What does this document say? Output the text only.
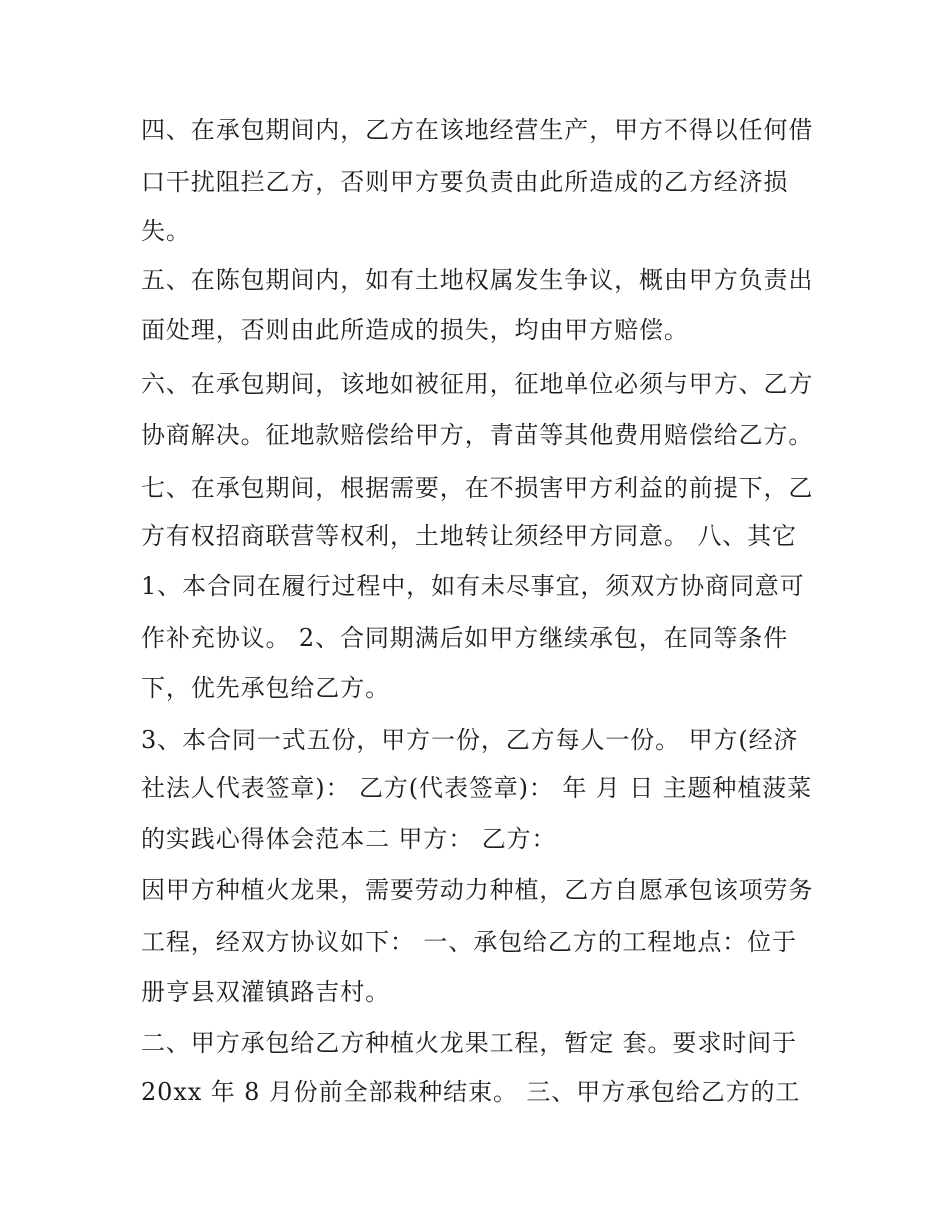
四、在承包期间内，乙方在该地经营生产，甲方不得以任何借
口干扰阻拦乙方，否则甲方要负责由此所造成的乙方经济损
失。
五、在陈包期间内，如有土地权属发生争议，概由甲方负责出
面处理，否则由此所造成的损失，均由甲方赔偿。
六、在承包期间，该地如被征用，征地单位必须与甲方、乙方
协商解决。征地款赔偿给甲方，青苗等其他费用赔偿给乙方。
七、在承包期间，根据需要，在不损害甲方利益的前提下，乙
方有权招商联营等权利，土地转让须经甲方同意。 八、其它
1、本合同在履行过程中，如有未尽事宜，须双方协商同意可
作补充协议。 2、合同期满后如甲方继续承包，在同等条件
下，优先承包给乙方。
3、本合同一式五份，甲方一份，乙方每人一份。 甲方(经济
社法人代表签章)： 乙方(代表签章)： 年 月 日 主题种植菠菜
的实践心得体会范本二 甲方： 乙方：
因甲方种植火龙果，需要劳动力种植，乙方自愿承包该项劳务
工程，经双方协议如下： 一、承包给乙方的工程地点：位于
册亨县双灌镇路吉村。
二、甲方承包给乙方种植火龙果工程，暂定 套。要求时间于
20xx 年 8 月份前全部栽种结束。 三、甲方承包给乙方的工
